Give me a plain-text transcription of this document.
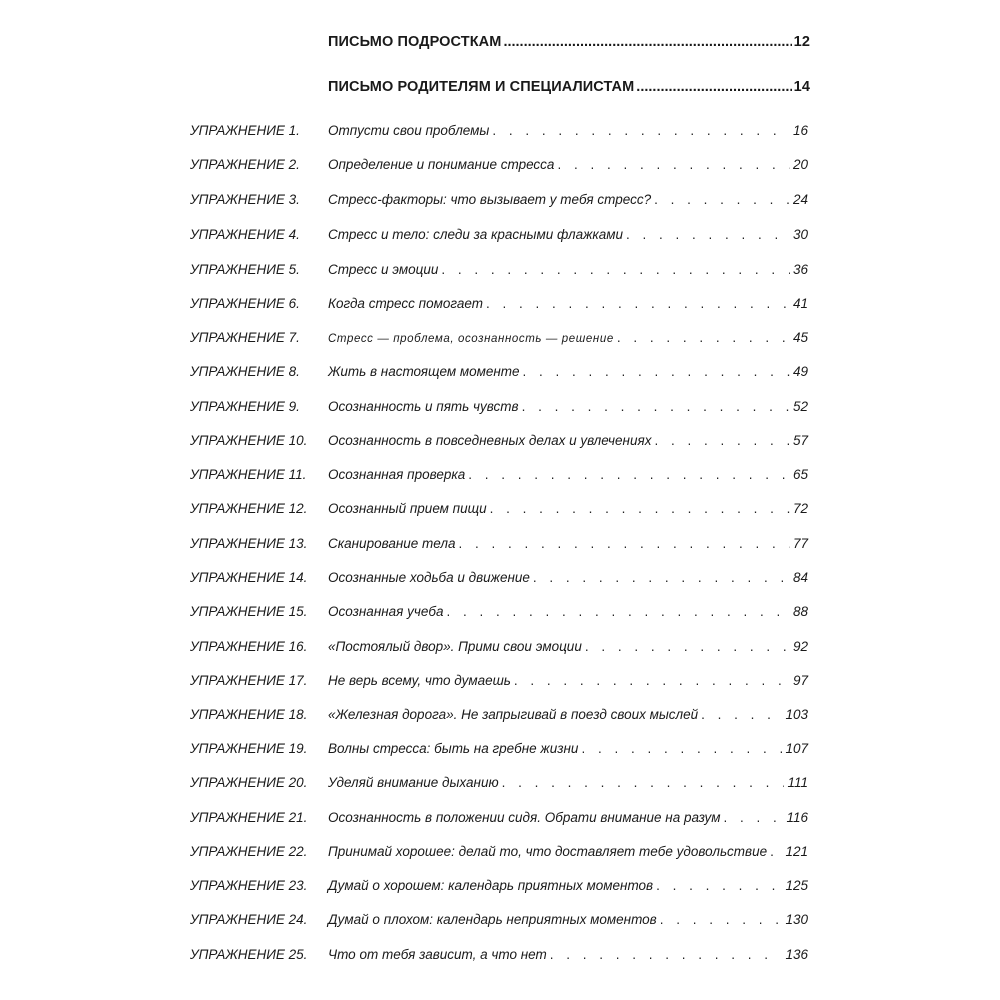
ПИСЬМО ПОДРОСТКАМ .....	12
ПИСЬМО РОДИТЕЛЯМ И СПЕЦИАЛИСТАМ .....	14
УПРАЖНЕНИЕ 1.	Отпусти свои проблемы . . .	16
УПРАЖНЕНИЕ 2.	Определение и понимание стресса . . .	20
УПРАЖНЕНИЕ 3.	Стресс-факторы: что вызывает у тебя стресс? . . .	24
УПРАЖНЕНИЕ 4.	Стресс и тело: следи за красными флажками . . .	30
УПРАЖНЕНИЕ 5.	Стресс и эмоции . . .	36
УПРАЖНЕНИЕ 6.	Когда стресс помогает . . .	41
УПРАЖНЕНИЕ 7.	Стресс — проблема, осознанность — решение . . .	45
УПРАЖНЕНИЕ 8.	Жить в настоящем моменте . . .	49
УПРАЖНЕНИЕ 9.	Осознанность и пять чувств . . .	52
УПРАЖНЕНИЕ 10.	Осознанность в повседневных делах и увлечениях . . .	57
УПРАЖНЕНИЕ 11.	Осознанная проверка . . .	65
УПРАЖНЕНИЕ 12.	Осознанный прием пищи . . .	72
УПРАЖНЕНИЕ 13.	Сканирование тела . . .	77
УПРАЖНЕНИЕ 14.	Осознанные ходьба и движение . . .	84
УПРАЖНЕНИЕ 15.	Осознанная учеба . . .	88
УПРАЖНЕНИЕ 16.	«Постоялый двор». Прими свои эмоции . . .	92
УПРАЖНЕНИЕ 17.	Не верь всему, что думаешь . . .	97
УПРАЖНЕНИЕ 18.	«Железная дорога». Не запрыгивай в поезд своих мыслей . . .	103
УПРАЖНЕНИЕ 19.	Волны стресса: быть на гребне жизни . . .	107
УПРАЖНЕНИЕ 20.	Уделяй внимание дыханию . . .	111
УПРАЖНЕНИЕ 21.	Осознанность в положении сидя. Обрати внимание на разум . . .	116
УПРАЖНЕНИЕ 22.	Принимай хорошее: делай то, что доставляет тебе удовольствие . . . 121
УПРАЖНЕНИЕ 23.	Думай о хорошем: календарь приятных моментов . . .	125
УПРАЖНЕНИЕ 24.	Думай о плохом: календарь неприятных моментов . . .	130
УПРАЖНЕНИЕ 25.	Что от тебя зависит, а что нет . . .	136
